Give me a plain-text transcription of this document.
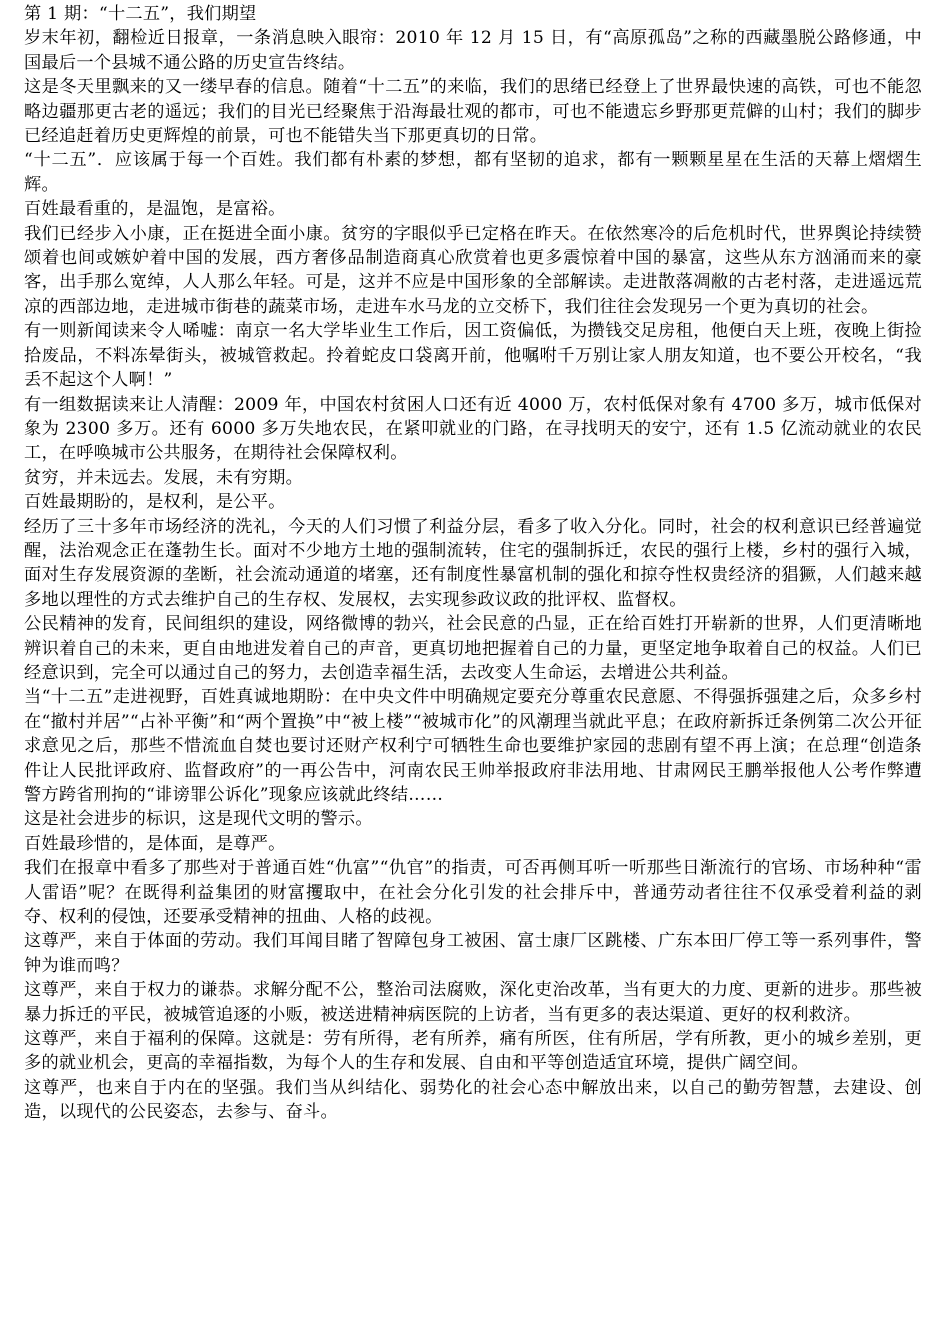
第 1 期：“十二五”，我们期望

岁末年初，翻检近日报章，一条消息映入眼帘：2010 年 12 月 15 日，有“高原孤岛”之称的西藏墨脱公路修通，中国最后一个县城不通公路的历史宣告终结。

这是冬天里飘来的又一缕早春的信息。随着“十二五”的来临，我们的思绪已经登上了世界最快速的高铁，可也不能忽略边疆那更古老的遥远；我们的目光已经聚焦于沿海最壮观的都市，可也不能遗忘乡野那更荒僻的山村；我们的脚步已经追赶着历史更辉煌的前景，可也不能错失当下那更真切的日常。

“十二五”．应该属于每一个百姓。我们都有朴素的梦想，都有坚韧的追求，都有一颗颗星星在生活的天幕上熠熠生辉。

百姓最看重的，是温饱，是富裕。

我们已经步入小康，正在挺进全面小康。贫穷的字眼似乎已定格在昨天。在依然寒冷的后危机时代，世界舆论持续赞颂着也间或嫉妒着中国的发展，西方奢侈品制造商真心欣赏着也更多震惊着中国的暴富，这些从东方汹涌而来的豪客，出手那么宽绰，人人那么年轻。可是，这并不应是中国形象的全部解读。走进散落凋敝的古老村落，走进遥远荒凉的西部边地，走进城市街巷的蔬菜市场，走进车水马龙的立交桥下，我们往往会发现另一个更为真切的社会。

有一则新闻读来令人唏嘘：南京一名大学毕业生工作后，因工资偏低，为攒钱交足房租，他便白天上班，夜晚上街捡拾废品，不料冻晕街头，被城管救起。拎着蛇皮口袋离开前，他嘱咐千万别让家人朋友知道，也不要公开校名，“我丢不起这个人啊！”

有一组数据读来让人清醒：2009 年，中国农村贫困人口还有近 4000 万，农村低保对象有 4700 多万，城市低保对象为 2300 多万。还有 6000 多万失地农民，在紧叩就业的门路，在寻找明天的安宁，还有 1.5 亿流动就业的农民工，在呼唤城市公共服务，在期待社会保障权利。

贫穷，并未远去。发展，未有穷期。

百姓最期盼的，是权利，是公平。

经历了三十多年市场经济的洗礼，今天的人们习惯了利益分层，看多了收入分化。同时，社会的权利意识已经普遍觉醒，法治观念正在蓬勃生长。面对不少地方土地的强制流转，住宅的强制拆迁，农民的强行上楼，乡村的强行入城，面对生存发展资源的垄断，社会流动通道的堵塞，还有制度性暴富机制的强化和掠夺性权贵经济的猖獗，人们越来越多地以理性的方式去维护自己的生存权、发展权，去实现参政议政的批评权、监督权。

公民精神的发育，民间组织的建设，网络微博的勃兴，社会民意的凸显，正在给百姓打开崭新的世界，人们更清晰地辨识着自己的未来，更自由地进发着自己的声音，更真切地把握着自己的力量，更坚定地争取着自己的权益。人们已经意识到，完全可以通过自己的努力，去创造幸福生活，去改变人生命运，去增进公共利益。

当“十二五”走进视野，百姓真诚地期盼：在中央文件中明确规定要充分尊重农民意愿、不得强拆强建之后，众多乡村在“撤村并居”“占补平衡”和“两个置换”中“被上楼”“被城市化”的风潮理当就此平息；在政府新拆迁条例第二次公开征求意见之后，那些不惜流血自焚也要讨还财产权利宁可牺牲生命也要维护家园的悲剧有望不再上演；在总理“创造条件让人民批评政府、监督政府”的一再公告中，河南农民王帅举报政府非法用地、甘肃网民王鹏举报他人公考作弊遭警方跨省刑拘的“诽谤罪公诉化”现象应该就此终结……

这是社会进步的标识，这是现代文明的警示。

百姓最珍惜的，是体面，是尊严。

我们在报章中看多了那些对于普通百姓“仇富”“仇官”的指责，可否再侧耳听一听那些日渐流行的官场、市场种种“雷人雷语”呢？在既得利益集团的财富攫取中，在社会分化引发的社会排斥中，普通劳动者往往不仅承受着利益的剥夺、权利的侵蚀，还要承受精神的扭曲、人格的歧视。

这尊严，来自于体面的劳动。我们耳闻目睹了智障包身工被困、富士康厂区跳楼、广东本田厂停工等一系列事件，警钟为谁而鸣？

这尊严，来自于权力的谦恭。求解分配不公，整治司法腐败，深化吏治改革，当有更大的力度、更新的进步。那些被暴力拆迁的平民，被城管追逐的小贩，被送进精神病医院的上访者，当有更多的表达渠道、更好的权利救济。

这尊严，来自于福利的保障。这就是：劳有所得，老有所养，痛有所医，住有所居，学有所教，更小的城乡差别，更多的就业机会，更高的幸福指数，为每个人的生存和发展、自由和平等创造适宜环境，提供广阔空间。

这尊严，也来自于内在的坚强。我们当从纠结化、弱势化的社会心态中解放出来，以自己的勤劳智慧，去建设、创造，以现代的公民姿态，去参与、奋斗。
